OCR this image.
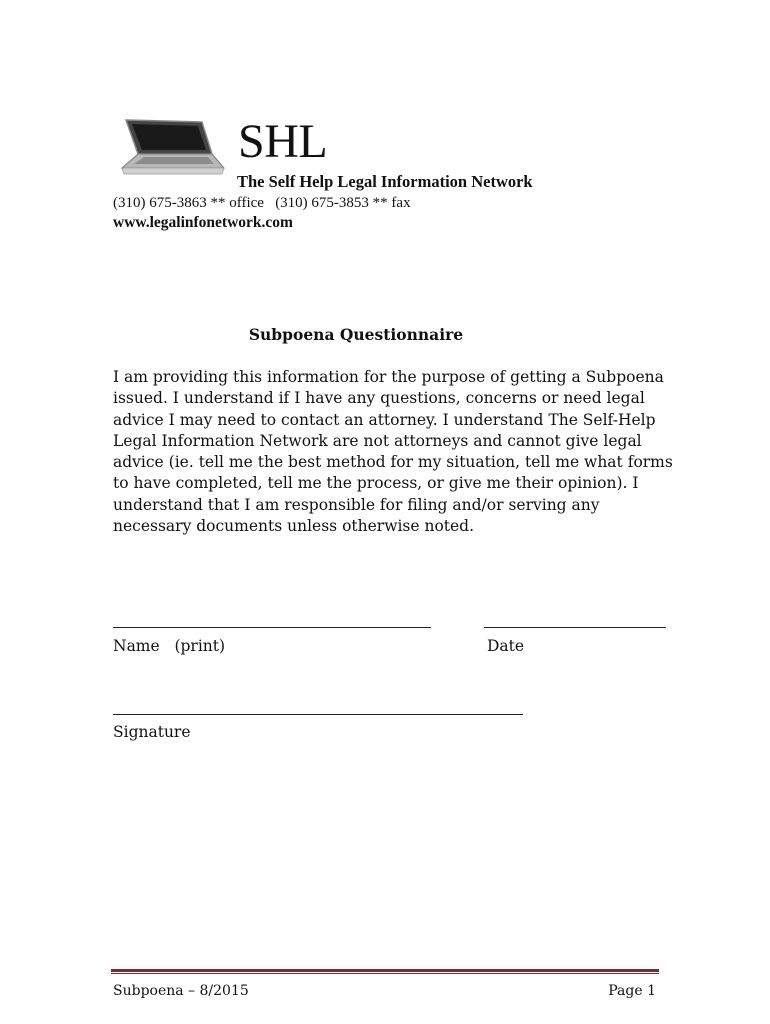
SHL
The Self Help Legal Information Network
(310) 675-3863 ** office   (310) 675-3853 ** fax
www.legalinfonetwork.com
Subpoena Questionnaire
I am providing this information for the purpose of getting a Subpoena
issued. I understand if I have any questions, concerns or need legal
advice I may need to contact an attorney. I understand The Self-Help
Legal Information Network are not attorneys and cannot give legal
advice (ie. tell me the best method for my situation, tell me what forms
to have completed, tell me the process, or give me their opinion). I
understand that I am responsible for filing and/or serving any
necessary documents unless otherwise noted.
Name   (print)	Date
Signature
Subpoena – 8/2015	Page 1
